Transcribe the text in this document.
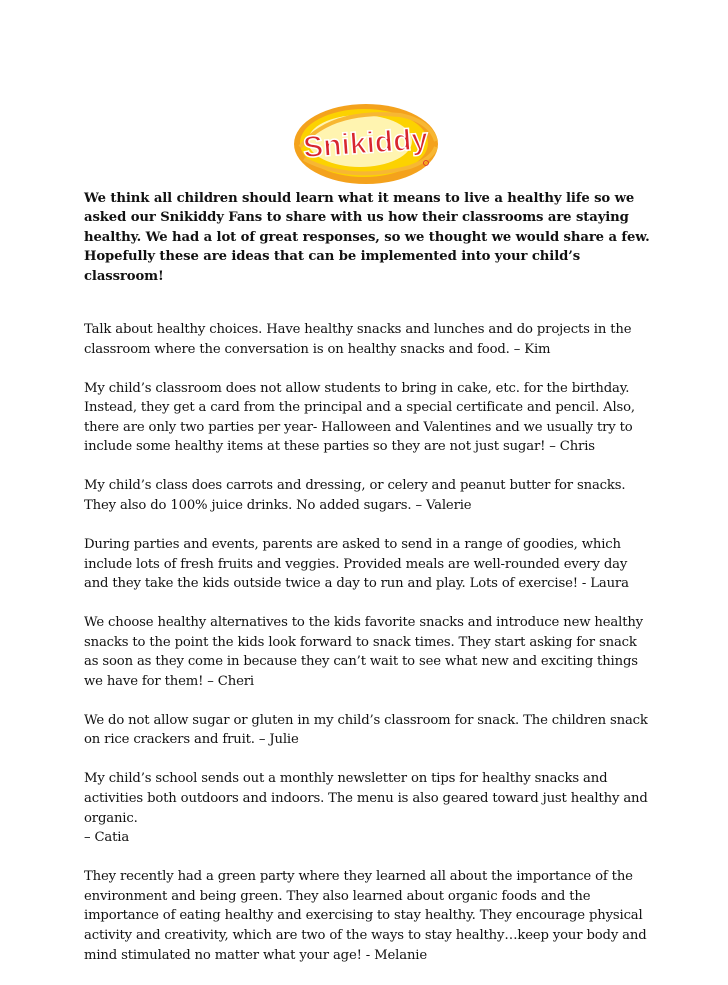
Snikiddy

We think all children should learn what it means to live a healthy life so we asked our Snikiddy Fans to share with us how their classrooms are staying healthy. We had a lot of great responses, so we thought we would share a few. Hopefully these are ideas that can be implemented into your child’s classroom!

Talk about healthy choices. Have healthy snacks and lunches and do projects in the classroom where the conversation is on healthy snacks and food. – Kim

My child’s classroom does not allow students to bring in cake, etc. for the birthday. Instead, they get a card from the principal and a special certificate and pencil. Also, there are only two parties per year- Halloween and Valentines and we usually try to include some healthy items at these parties so they are not just sugar! – Chris

My child’s class does carrots and dressing, or celery and peanut butter for snacks. They also do 100% juice drinks. No added sugars. – Valerie

During parties and events, parents are asked to send in a range of goodies, which include lots of fresh fruits and veggies. Provided meals are well-rounded every day and they take the kids outside twice a day to run and play. Lots of exercise! - Laura

We choose healthy alternatives to the kids favorite snacks and introduce new healthy snacks to the point the kids look forward to snack times. They start asking for snack as soon as they come in because they can’t wait to see what new and exciting things we have for them! – Cheri

We do not allow sugar or gluten in my child’s classroom for snack. The children snack on rice crackers and fruit. – Julie

My child’s school sends out a monthly newsletter on tips for healthy snacks and activities both outdoors and indoors. The menu is also geared toward just healthy and organic.
– Catia

They recently had a green party where they learned all about the importance of the environment and being green. They also learned about organic foods and the importance of eating healthy and exercising to stay healthy. They encourage physical activity and creativity, which are two of the ways to stay healthy…keep your body and mind stimulated no matter what your age! - Melanie
